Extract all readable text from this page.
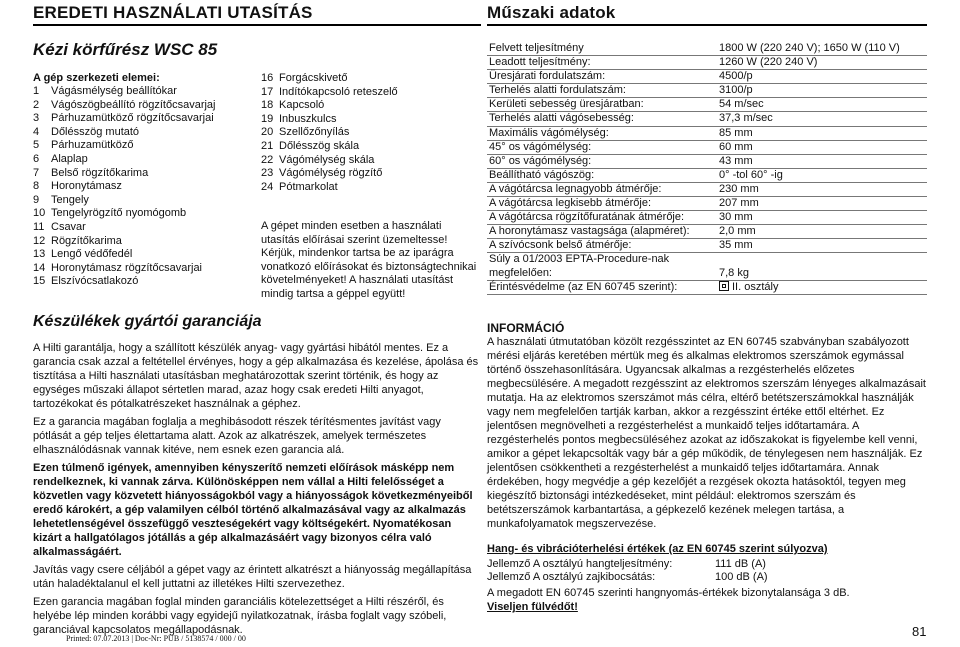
EREDETI HASZNÁLATI UTASÍTÁS	Műszaki adatok
Kézi körfűrész WSC 85
A gép szerkezeti elemei:
1	Vágásmélység beállítókar
2	Vágószögbeállító rögzítőcsavarjaj
3	Párhuzamütköző rögzítőcsavarjai
4	Dőlésszög mutató
5	Párhuzamütköző
6	Alaplap
7	Belső rögzítőkarima
8	Horonytámasz
9	Tengely
10 Tengelyrögzítő nyomógomb
11 Csavar
12 Rögzítőkarima
13 Lengő védőfedél
14 Horonytámasz rögzítőcsavarjai
15 Elszívócsatlakozó
16 Forgácskivető
17 Indítókapcsoló reteszelő
18 Kapcsoló
19 Inbuszkulcs
20 Szellőzőnyílás
21 Dőlésszög skála
22 Vágómélység skála
23 Vágómélység rögzítő
24 Pótmarkolat

A gépet minden esetben a használati utasítás előírásai szerint üzemeltesse! Kérjük, mindenkor tartsa be az iparágra vonatkozó előírásokat és biztonságtechnikai követelményeket! A használati utasítást mindig tartsa a géppel együtt!

Készülékek gyártói garanciája

A Hilti garantálja, hogy a szállított készülék anyag- vagy gyártási hibától mentes. Ez a garancia csak azzal a feltétellel érvényes, hogy a gép alkalmazása és kezelése, ápolása és tisztítása a Hilti használati utasításban meghatározottak szerint történik, és hogy az egységes műszaki állapot sértetlen marad, azaz hogy csak eredeti Hilti anyagot, tartozékokat és pótalkatrészeket használnak a géphez.

Ez a garancia magában foglalja a meghibásodott részek térítésmentes javítást vagy pótlását a gép teljes élettartama alatt. Azok az alkatrészek, amelyek természetes elhasználódásnak vannak kitéve, nem esnek ezen garancia alá.

Ezen túlmenő igények, amennyiben kényszerítő nemzeti előírások másképp nem rendelkeznek, ki vannak zárva. Különösképpen nem vállal a Hilti felelősséget a közvetlen vagy közvetett hiányosságokból vagy a hiányosságok következményeiből eredő károkért, a gép valamilyen célból történő alkalmazásával vagy az alkalmazás lehetetlenségével összefüggő veszteségekért vagy költségekért. Nyomatékosan kizárt a hallgatólagos jótállás a gép alkalmazásáért vagy bizonyos célra való alkalmasságáért.

Javítás vagy csere céljából a gépet vagy az érintett alkatrészt a hiányosság megállapítása után haladéktalanul el kell juttatni az illetékes Hilti szervezethez.

Ezen garancia magában foglal minden garanciális kötelezettséget a Hilti részéről, és helyébe lép minden korábbi vagy egyidejű nyilatkozatnak, írásba foglalt vagy szóbeli, garanciával kapcsolatos megállapodásnak.

Printed: 07.07.2013 | Doc-Nr: PUB / 5138574 / 000 / 00
Felvett teljesítmény	1800 W (220 240 V); 1650 W (110 V)
Leadott teljesítmény:	1260 W (220 240 V)
Üresjárati fordulatszám:	4500/p
Terhelés alatti fordulatszám:	3100/p
Kerületi sebesség üresjáratban:	54 m/sec
Terhelés alatti vágósebesség:	37,3 m/sec
Maximális vágómélység:	85 mm
45° os vágómélység:	60 mm
60° os vágómélység:	43 mm
Beállítható vágószög:	0° -tol 60° -ig
A vágótárcsa legnagyobb átmérője:	230 mm
A vágótárcsa legkisebb átmérője:	207 mm
A vágótárcsa rögzítőfuratának átmérője:	30 mm
A horonytámasz vastagsága (alapméret):	2,0 mm
A szívócsonk belső átmérője:	35 mm
Súly a 01/2003 EPTA-Procedure-nak	
megfelelően:	7,8 kg
Érintésvédelme (az EN 60745 szerint):	II. osztály
INFORMÁCIÓ

A használati útmutatóban közölt rezgésszintet az EN 60745 szabványban szabályozott mérési eljárás keretében mértük meg és alkalmas elektromos szerszámok egymással történő összehasonlítására. Ugyancsak alkalmas a rezgésterhelés előzetes megbecsülésére. A megadott rezgésszint az elektromos szerszám lényeges alkalmazásait mutatja. Ha az elektromos szerszámot más célra, eltérő betétszerszámokkal használják vagy nem megfelelően tartják karban, akkor a rezgésszint értéke ettől eltérhet. Ez jelentősen megnövelheti a rezgésterhelést a munkaidő teljes időtartamára. A rezgésterhelés pontos megbecsüléséhez azokat az időszakokat is figyelembe kell venni, amikor a gépet lekapcsolták vagy bár a gép működik, de ténylegesen nem használják. Ez jelentősen csökkentheti a rezgésterhelést a munkaidő teljes időtartamára. Annak érdekében, hogy megvédje a gép kezelőjét a rezgések okozta hatásoktól, tegyen meg kiegészítő biztonsági intézkedéseket, mint például: elektromos szerszám és betétszerszámok karbantartása, a gépkezelő kezének melegen tartása, a munkafolyamatok megszervezése.

Hang- és vibrációterhelési értékek (az EN 60745 szerint súlyozva)
Jellemző A osztályú hangteljesítmény:	111 dB (A)
Jellemző A osztályú zajkibocsátás:	100 dB (A)
A megadott EN 60745 szerinti hangnyomás-értékek bizonytalansága 3 dB.
Viseljen fülvédőt!
81
